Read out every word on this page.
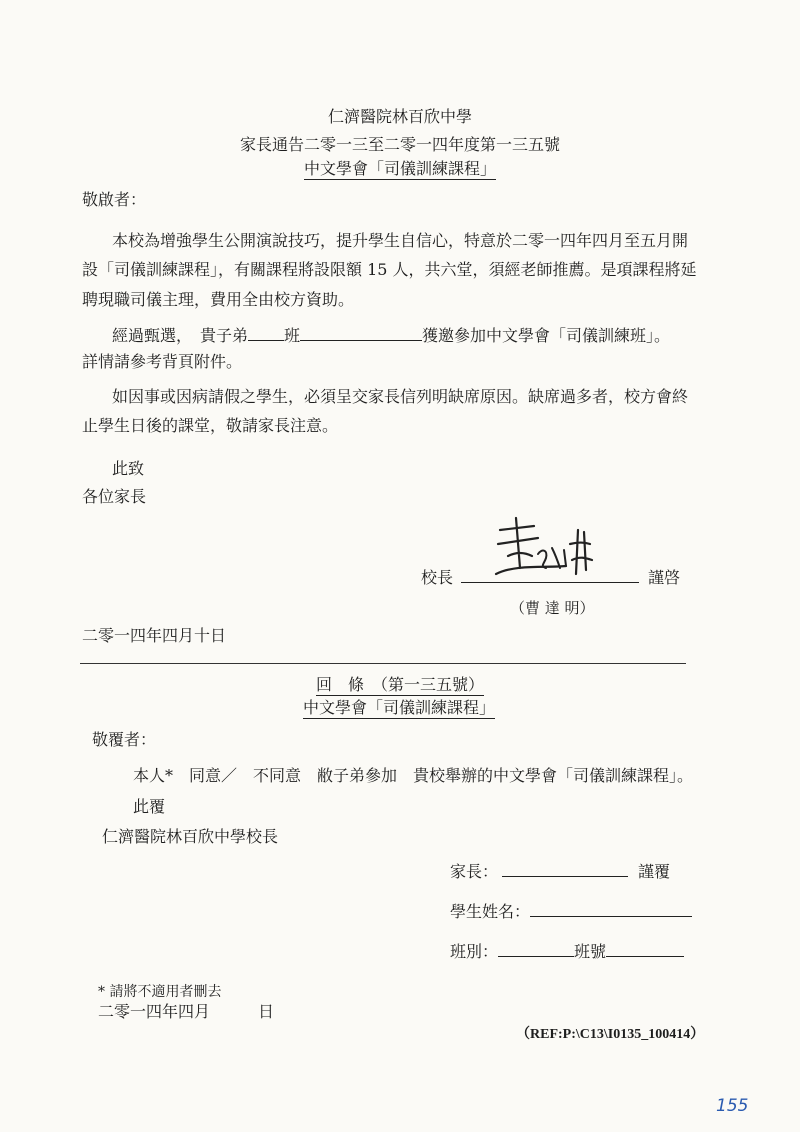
仁濟醫院林百欣中學
家長通告二零一三至二零一四年度第一三五號
中文學會「司儀訓練課程」
敬啟者：
本校為增強學生公開演說技巧，提升學生自信心，特意於二零一四年四月至五月開
設「司儀訓練課程」，有關課程將設限額 15 人，共六堂，須經老師推薦。是項課程將延
聘現職司儀主理，費用全由校方資助。
經過甄選，　貴子弟 班	獲邀參加中文學會「司儀訓練班」。
詳情請參考背頁附件。
如因事或因病請假之學生，必須呈交家長信列明缺席原因。缺席過多者，校方會終
止學生日後的課堂，敬請家長注意。
此致
各位家長
校長	謹啓
（曹 達 明）
二零一四年四月十日
回　條　（第一三五號）
中文學會「司儀訓練課程」
敬覆者：
本人*　同意／　不同意　敝子弟參加　貴校舉辦的中文學會「司儀訓練課程」。
此覆
仁濟醫院林百欣中學校長
家長：	謹覆
學生姓名：
班別：	班號
* 請將不適用者刪去
二零一四年四月　　　日
（REF:P:\C13\I0135_100414）
155
